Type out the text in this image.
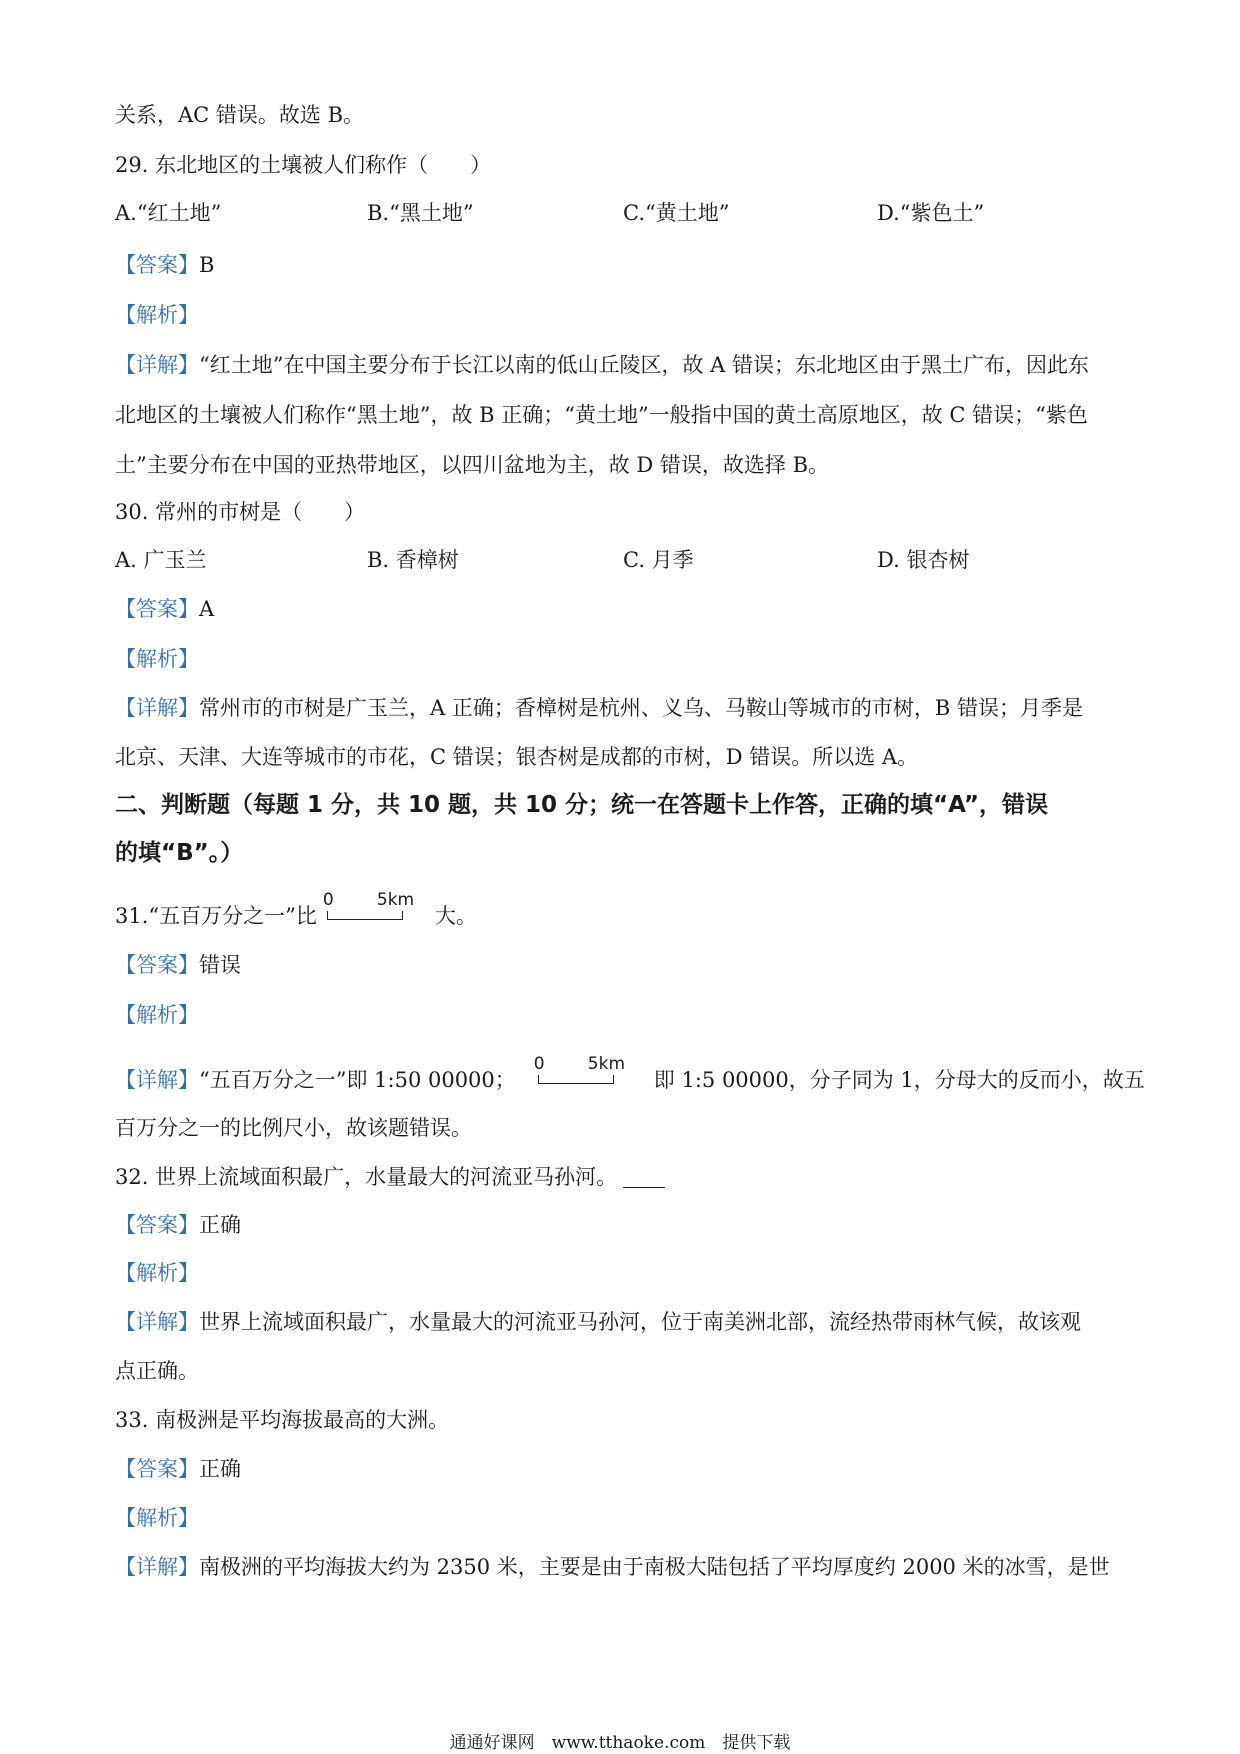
关系，AC 错误。故选 B。
29. 东北地区的土壤被人们称作（　　）
A.“红土地”	B.“黑土地”	C.“黄土地”	D.“紫色土”
【答案】B
【解析】
【详解】“红土地”在中国主要分布于长江以南的低山丘陵区，故 A 错误；东北地区由于黑土广布，因此东
北地区的土壤被人们称作“黑土地”，故 B 正确；“黄土地”一般指中国的黄土高原地区，故 C 错误；“紫色
土”主要分布在中国的亚热带地区，以四川盆地为主，故 D 错误，故选择 B。
30. 常州的市树是（　　）
A. 广玉兰	B. 香樟树	C. 月季	D. 银杏树
【答案】A
【解析】
【详解】常州市的市树是广玉兰，A 正确；香樟树是杭州、义乌、马鞍山等城市的市树，B 错误；月季是
北京、天津、大连等城市的市花，C 错误；银杏树是成都的市树，D 错误。所以选 A。
二、判断题（每题 1 分，共 10 题，共 10 分；统一在答题卡上作答，正确的填“A”，错误
的填“B”。）
31.“五百万分之一”比
0	5km
大。
【答案】错误
【解析】
【详解】“五百万分之一”即 1:50 00000；
0	5km
即 1:5 00000，分子同为 1，分母大的反而小，故五
百万分之一的比例尺小，故该题错误。
32. 世界上流域面积最广，水量最大的河流亚马孙河。
【答案】正确
【解析】
【详解】世界上流域面积最广，水量最大的河流亚马孙河，位于南美洲北部，流经热带雨林气候，故该观
点正确。
33. 南极洲是平均海拔最高的大洲。
【答案】正确
【解析】
【详解】南极洲的平均海拔大约为 2350 米，主要是由于南极大陆包括了平均厚度约 2000 米的冰雪，是世
通通好课网　www.tthaoke.com　提供下载
